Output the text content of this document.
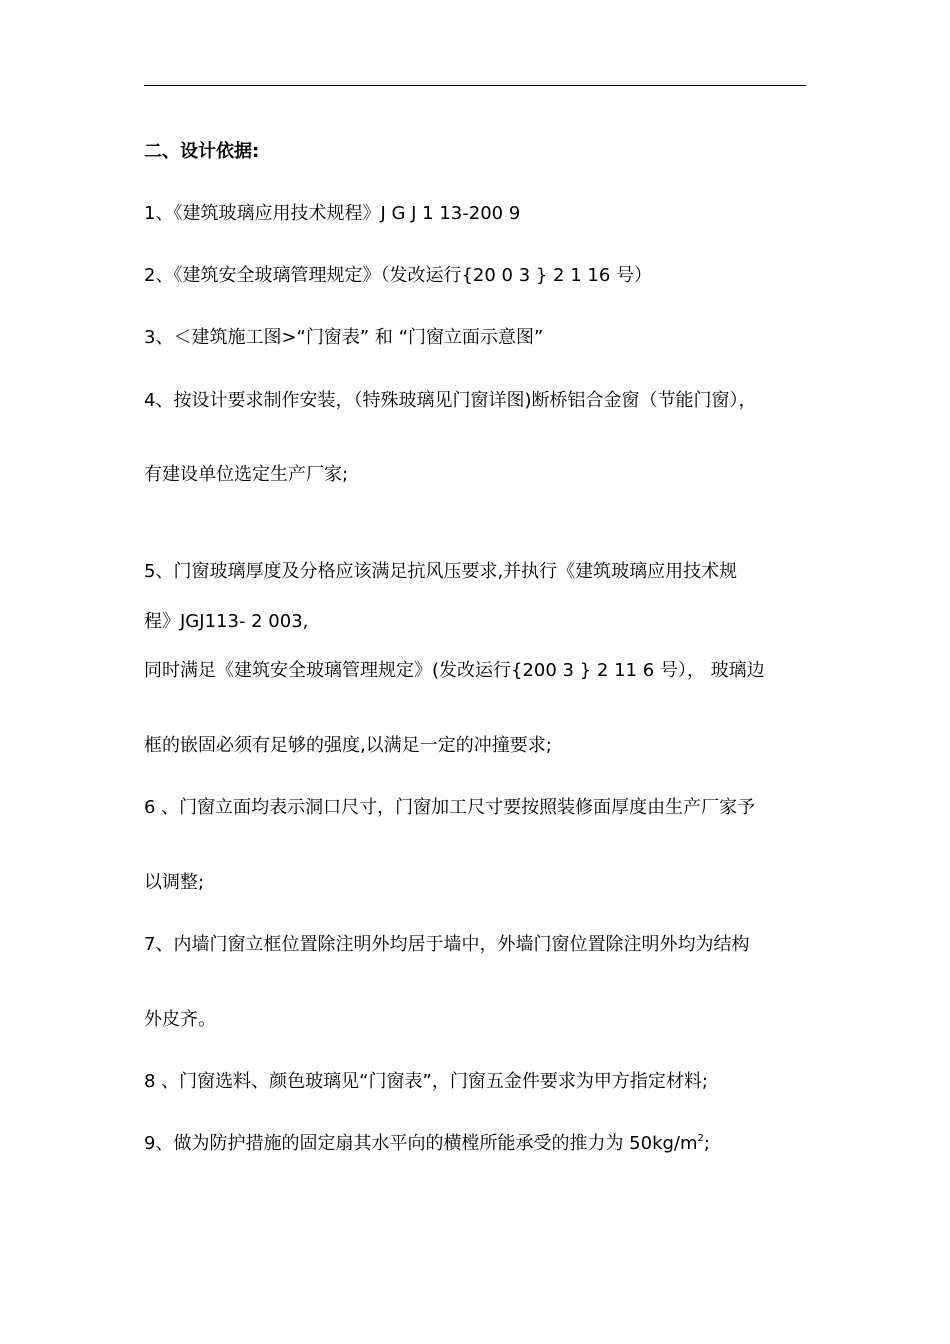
二、设计依据:
1、《建筑玻璃应用技术规程》J G J 1 13-200 9
2、《建筑安全玻璃管理规定》（发改运行{20 0 3 } 2 1 16 号）
3、＜建筑施工图>“门窗表” 和 “门窗立面示意图”
4、按设计要求制作安装，（特殊玻璃见门窗详图)断桥铝合金窗（节能门窗），
有建设单位选定生产厂家;
5、门窗玻璃厚度及分格应该满足抗风压要求,并执行《建筑玻璃应用技术规
程》JGJ113- 2 003,
同时满足《建筑安全玻璃管理规定》(发改运行{200 3 } 2 11 6 号）， 玻璃边
框的嵌固必须有足够的强度,以满足一定的冲撞要求;
6 、门窗立面均表示洞口尺寸，门窗加工尺寸要按照装修面厚度由生产厂家予
以调整;
7、内墙门窗立框位置除注明外均居于墙中，外墙门窗位置除注明外均为结构
外皮齐。
8 、门窗选料、颜色玻璃见“门窗表”，门窗五金件要求为甲方指定材料;
9、做为防护措施的固定扇其水平向的横樘所能承受的推力为 $50kg/m^2$;
